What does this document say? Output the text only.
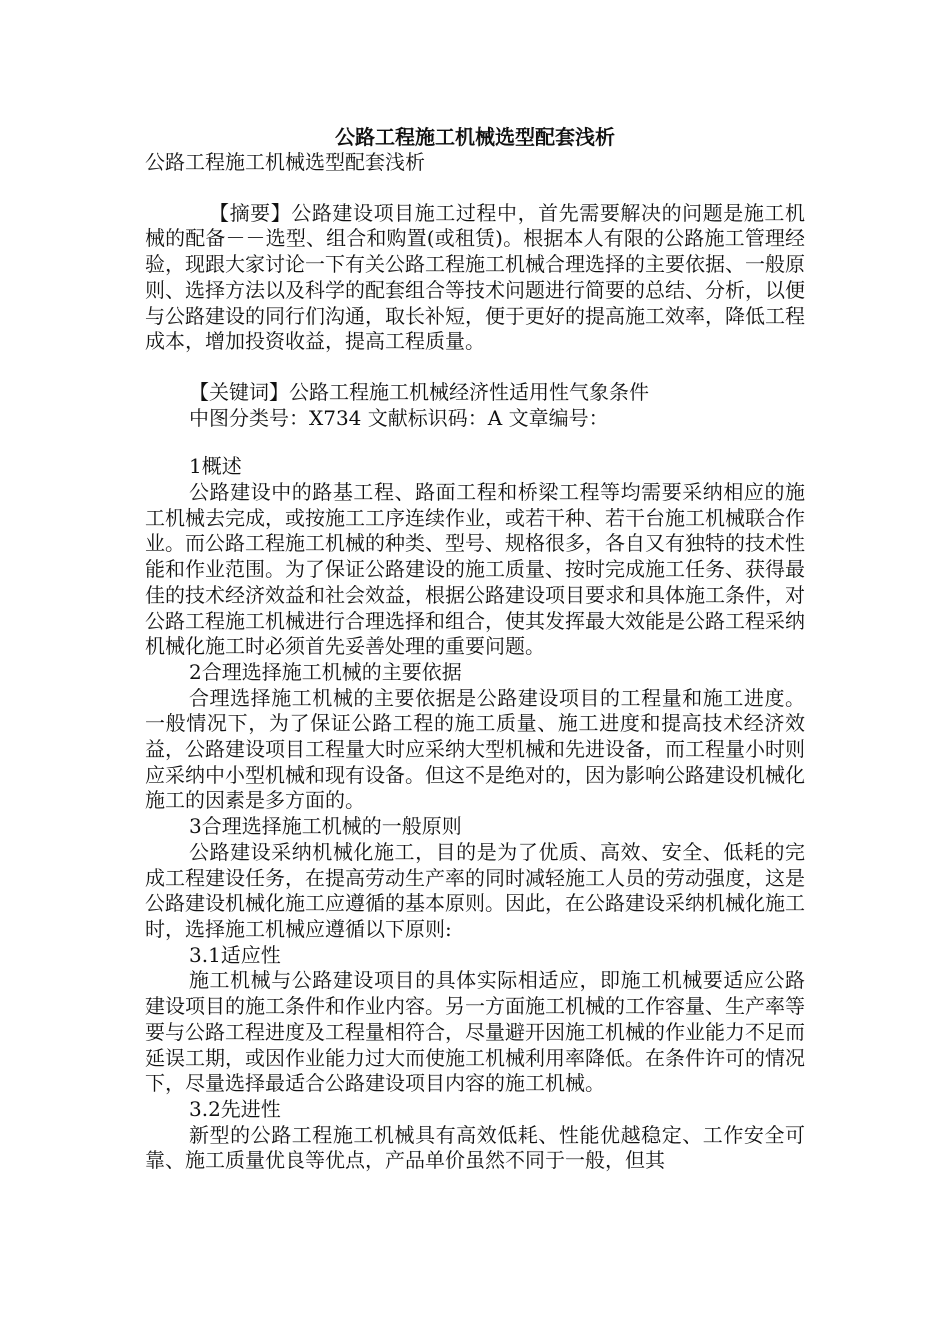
公路工程施工机械选型配套浅析

公路工程施工机械选型配套浅析

【摘要】公路建设项目施工过程中，首先需要解决的问题是施工机械的配备－－选型、组合和购置(或租赁)。根据本人有限的公路施工管理经验，现跟大家讨论一下有关公路工程施工机械合理选择的主要依据、一般原则、选择方法以及科学的配套组合等技术问题进行简要的总结、分析，以便与公路建设的同行们沟通，取长补短，便于更好的提高施工效率，降低工程成本，增加投资收益，提高工程质量。

【关键词】公路工程施工机械经济性适用性气象条件

中图分类号：X734 文献标识码：A 文章编号：

1概述

公路建设中的路基工程、路面工程和桥梁工程等均需要采纳相应的施工机械去完成，或按施工工序连续作业，或若干种、若干台施工机械联合作业。而公路工程施工机械的种类、型号、规格很多，各自又有独特的技术性能和作业范围。为了保证公路建设的施工质量、按时完成施工任务、获得最佳的技术经济效益和社会效益，根据公路建设项目要求和具体施工条件，对公路工程施工机械进行合理选择和组合，使其发挥最大效能是公路工程采纳机械化施工时必须首先妥善处理的重要问题。

2合理选择施工机械的主要依据

合理选择施工机械的主要依据是公路建设项目的工程量和施工进度。一般情况下，为了保证公路工程的施工质量、施工进度和提高技术经济效益，公路建设项目工程量大时应采纳大型机械和先进设备，而工程量小时则应采纳中小型机械和现有设备。但这不是绝对的，因为影响公路建设机械化施工的因素是多方面的。

3合理选择施工机械的一般原则

公路建设采纳机械化施工，目的是为了优质、高效、安全、低耗的完成工程建设任务，在提高劳动生产率的同时减轻施工人员的劳动强度，这是公路建设机械化施工应遵循的基本原则。因此，在公路建设采纳机械化施工时，选择施工机械应遵循以下原则:

3.1适应性

施工机械与公路建设项目的具体实际相适应，即施工机械要适应公路建设项目的施工条件和作业内容。另一方面施工机械的工作容量、生产率等要与公路工程进度及工程量相符合，尽量避开因施工机械的作业能力不足而延误工期，或因作业能力过大而使施工机械利用率降低。在条件许可的情况下，尽量选择最适合公路建设项目内容的施工机械。

3.2先进性

新型的公路工程施工机械具有高效低耗、性能优越稳定、工作安全可靠、施工质量优良等优点，产品单价虽然不同于一般，但其
